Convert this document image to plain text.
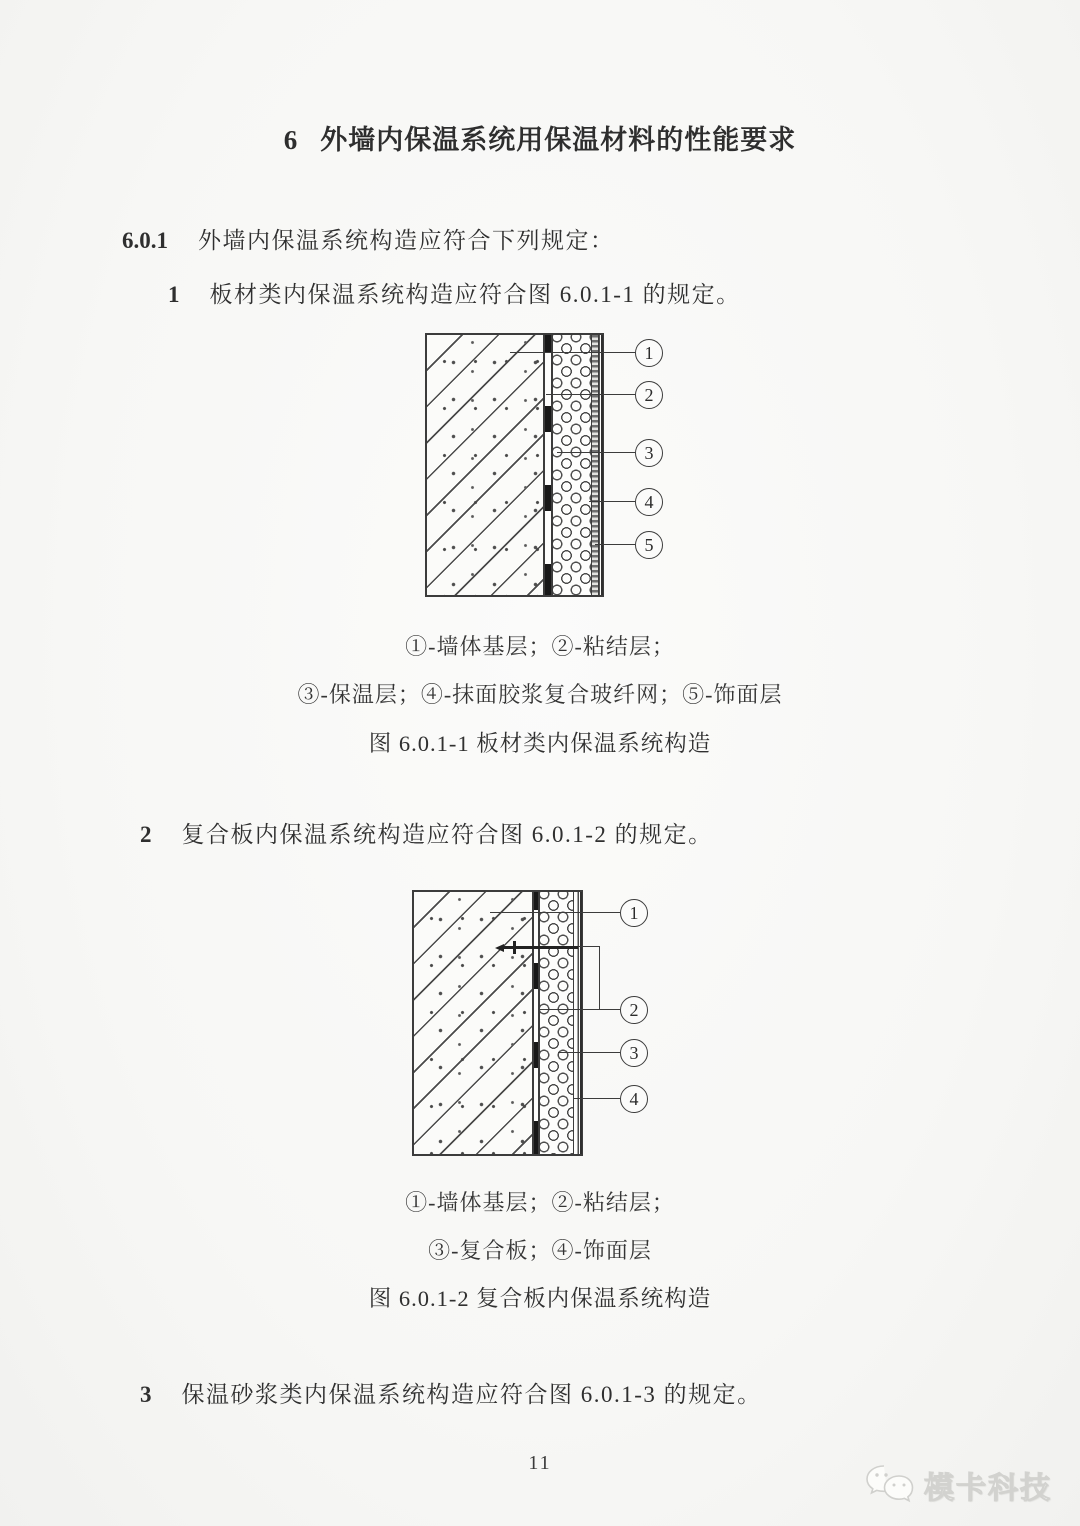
6 外墙内保温系统用保温材料的性能要求
6.0.1 外墙内保温系统构造应符合下列规定：
1 板材类内保温系统构造应符合图 6.0.1-1 的规定。
1
2
3
4
5
①-墙体基层；②-粘结层；
③-保温层；④-抹面胶浆复合玻纤网；⑤-饰面层
图 6.0.1-1 板材类内保温系统构造
2 复合板内保温系统构造应符合图 6.0.1-2 的规定。
1
2
3
4
①-墙体基层；②-粘结层；
③-复合板；④-饰面层
图 6.0.1-2 复合板内保温系统构造
3 保温砂浆类内保温系统构造应符合图 6.0.1-3 的规定。
11
模卡科技
